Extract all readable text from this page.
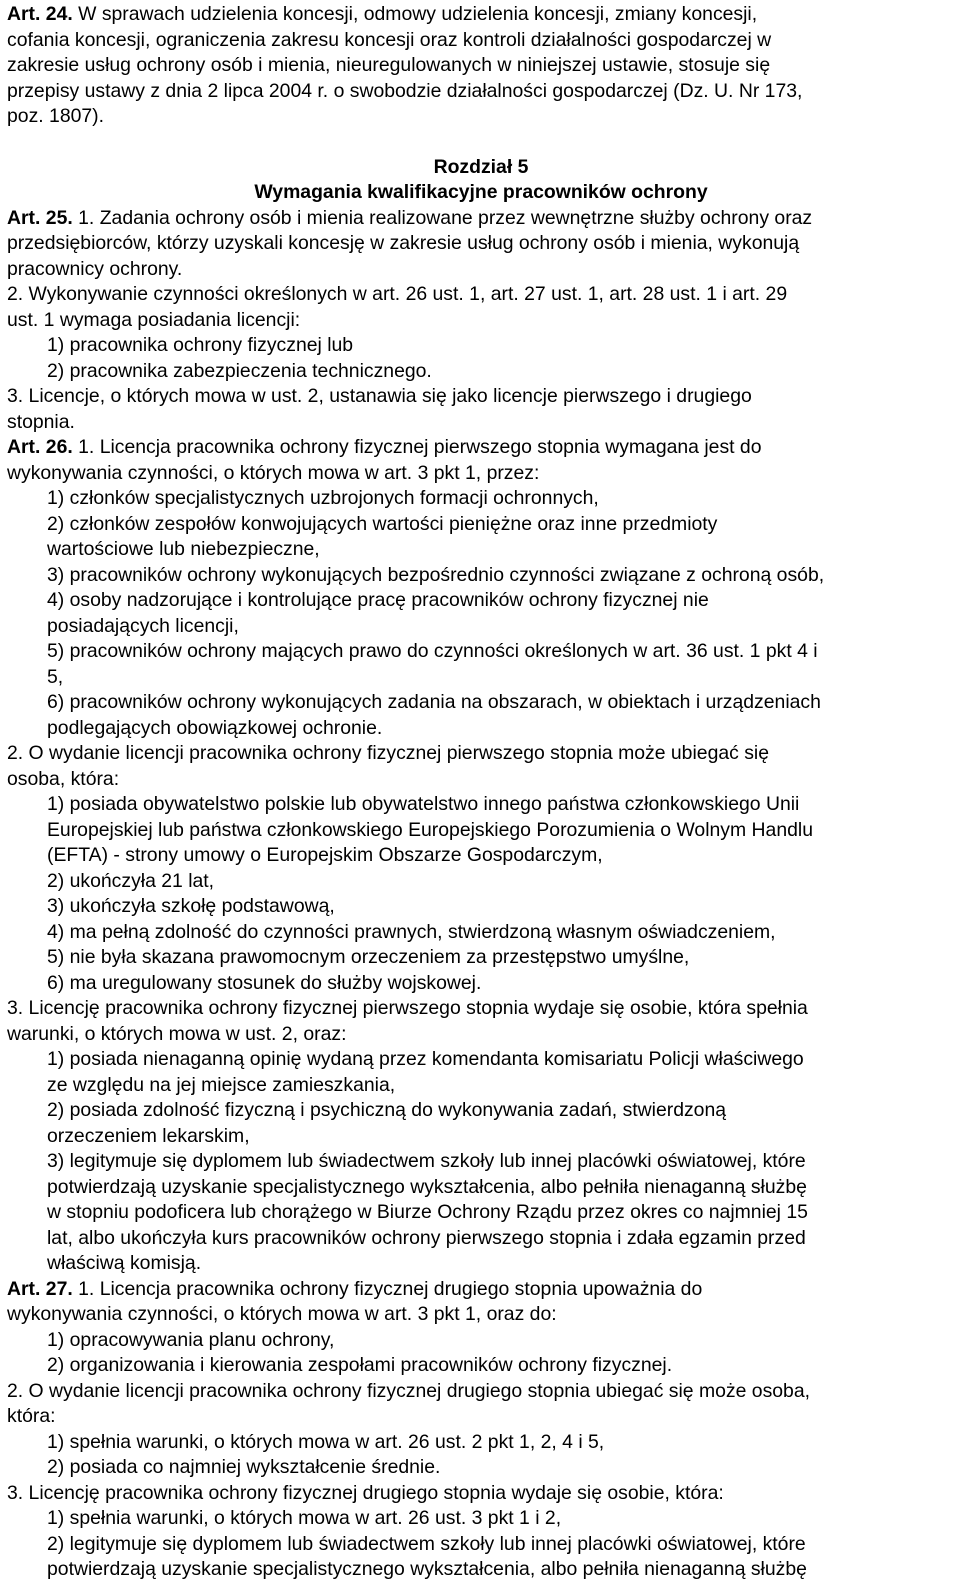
Art. 24. W sprawach udzielenia koncesji, odmowy udzielenia koncesji, zmiany koncesji,
cofania koncesji, ograniczenia zakresu koncesji oraz kontroli działalności gospodarczej w
zakresie usług ochrony osób i mienia, nieuregulowanych w niniejszej ustawie, stosuje się
przepisy ustawy z dnia 2 lipca 2004 r. o swobodzie działalności gospodarczej (Dz. U. Nr 173,
poz. 1807).
Rozdział 5
Wymagania kwalifikacyjne pracowników ochrony
Art. 25. 1. Zadania ochrony osób i mienia realizowane przez wewnętrzne służby ochrony oraz
przedsiębiorców, którzy uzyskali koncesję w zakresie usług ochrony osób i mienia, wykonują
pracownicy ochrony.
2. Wykonywanie czynności określonych w art. 26 ust. 1, art. 27 ust. 1, art. 28 ust. 1 i art. 29
ust. 1 wymaga posiadania licencji:
1) pracownika ochrony fizycznej lub
2) pracownika zabezpieczenia technicznego.
3. Licencje, o których mowa w ust. 2, ustanawia się jako licencje pierwszego i drugiego
stopnia.
Art. 26. 1. Licencja pracownika ochrony fizycznej pierwszego stopnia wymagana jest do
wykonywania czynności, o których mowa w art. 3 pkt 1, przez:
1) członków specjalistycznych uzbrojonych formacji ochronnych,
2) członków zespołów konwojujących wartości pieniężne oraz inne przedmioty
wartościowe lub niebezpieczne,
3) pracowników ochrony wykonujących bezpośrednio czynności związane z ochroną osób,
4) osoby nadzorujące i kontrolujące pracę pracowników ochrony fizycznej nie
posiadających licencji,
5) pracowników ochrony mających prawo do czynności określonych w art. 36 ust. 1 pkt 4 i
5,
6) pracowników ochrony wykonujących zadania na obszarach, w obiektach i urządzeniach
podlegających obowiązkowej ochronie.
2. O wydanie licencji pracownika ochrony fizycznej pierwszego stopnia może ubiegać się
osoba, która:
1) posiada obywatelstwo polskie lub obywatelstwo innego państwa członkowskiego Unii
Europejskiej lub państwa członkowskiego Europejskiego Porozumienia o Wolnym Handlu
(EFTA) - strony umowy o Europejskim Obszarze Gospodarczym,
2) ukończyła 21 lat,
3) ukończyła szkołę podstawową,
4) ma pełną zdolność do czynności prawnych, stwierdzoną własnym oświadczeniem,
5) nie była skazana prawomocnym orzeczeniem za przestępstwo umyślne,
6) ma uregulowany stosunek do służby wojskowej.
3. Licencję pracownika ochrony fizycznej pierwszego stopnia wydaje się osobie, która spełnia
warunki, o których mowa w ust. 2, oraz:
1) posiada nienaganną opinię wydaną przez komendanta komisariatu Policji właściwego
ze względu na jej miejsce zamieszkania,
2) posiada zdolność fizyczną i psychiczną do wykonywania zadań, stwierdzoną
orzeczeniem lekarskim,
3) legitymuje się dyplomem lub świadectwem szkoły lub innej placówki oświatowej, które
potwierdzają uzyskanie specjalistycznego wykształcenia, albo pełniła nienaganną służbę
w stopniu podoficera lub chorążego w Biurze Ochrony Rządu przez okres co najmniej 15
lat, albo ukończyła kurs pracowników ochrony pierwszego stopnia i zdała egzamin przed
właściwą komisją.
Art. 27. 1. Licencja pracownika ochrony fizycznej drugiego stopnia upoważnia do
wykonywania czynności, o których mowa w art. 3 pkt 1, oraz do:
1) opracowywania planu ochrony,
2) organizowania i kierowania zespołami pracowników ochrony fizycznej.
2. O wydanie licencji pracownika ochrony fizycznej drugiego stopnia ubiegać się może osoba,
która:
1) spełnia warunki, o których mowa w art. 26 ust. 2 pkt 1, 2, 4 i 5,
2) posiada co najmniej wykształcenie średnie.
3. Licencję pracownika ochrony fizycznej drugiego stopnia wydaje się osobie, która:
1) spełnia warunki, o których mowa w art. 26 ust. 3 pkt 1 i 2,
2) legitymuje się dyplomem lub świadectwem szkoły lub innej placówki oświatowej, które
potwierdzają uzyskanie specjalistycznego wykształcenia, albo pełniła nienaganną służbę
